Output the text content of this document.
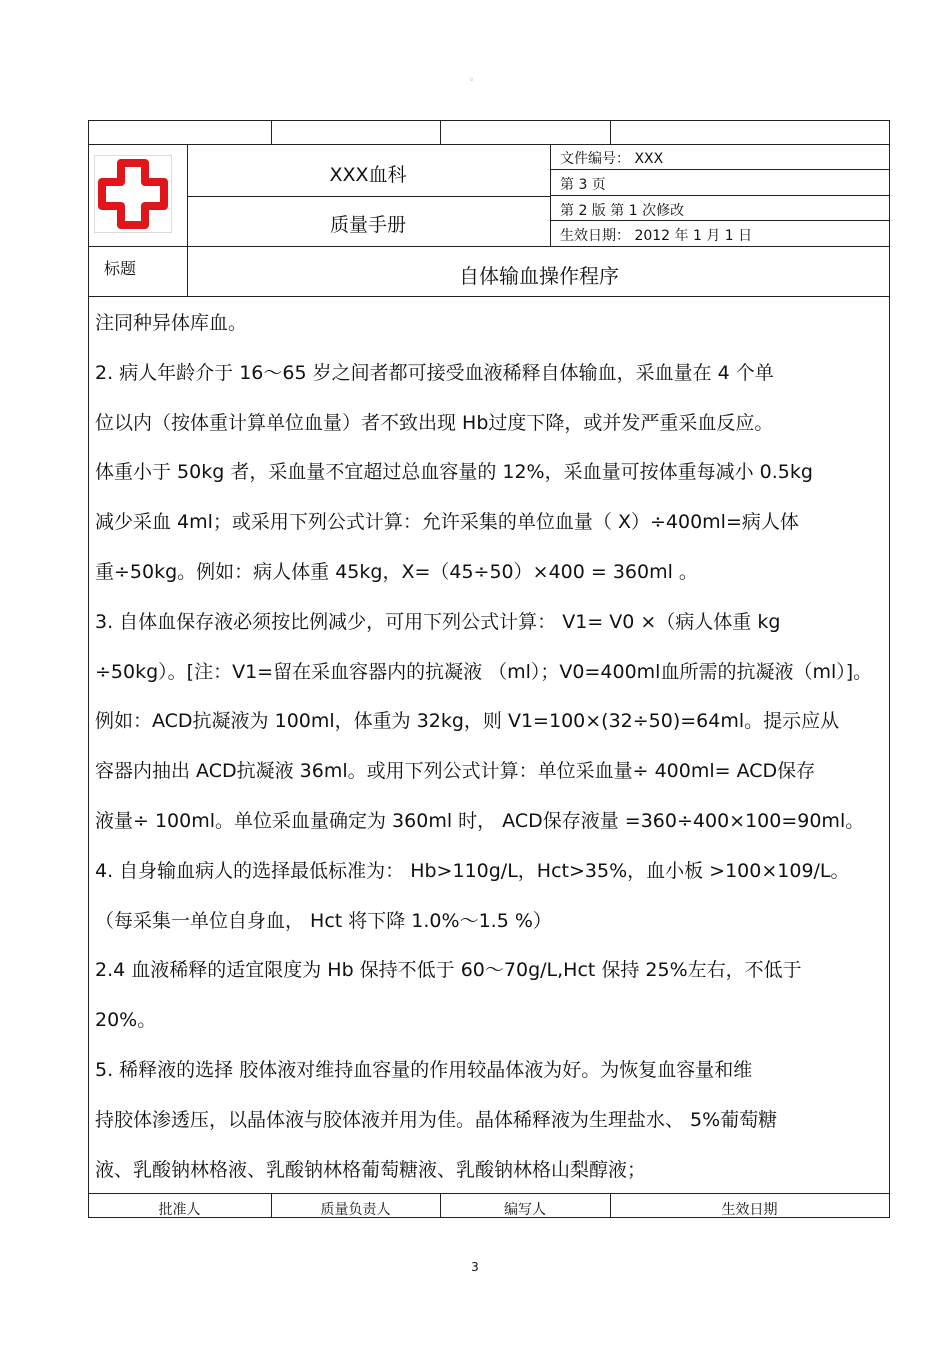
。
XXX血科
质量手册
文件编号： XXX
第 3 页
第 2 版 第 1 次修改
生效日期： 2012 年 1 月 1 日
标题	自体输血操作程序
注同种异体库血。
2. 病人年龄介于 16～65 岁之间者都可接受血液稀释自体输血，采血量在 4 个单
位以内（按体重计算单位血量）者不致出现 Hb过度下降，或并发严重采血反应。
体重小于 50kg 者，采血量不宜超过总血容量的 12%，采血量可按体重每减小 0.5kg
减少采血 4ml；或采用下列公式计算：允许采集的单位血量（ X）÷400ml=病人体
重÷50kg。例如：病人体重 45kg，X=（45÷50）×400 = 360ml 。
3. 自体血保存液必须按比例减少，可用下列公式计算： V1= V0 ×（病人体重 kg
÷50kg）。[注：V1=留在采血容器内的抗凝液 （ml）；V0=400ml血所需的抗凝液（ml）]。
例如：ACD抗凝液为 100ml，体重为 32kg，则 V1=100×(32÷50)=64ml。提示应从
容器内抽出 ACD抗凝液 36ml。或用下列公式计算：单位采血量÷ 400ml= ACD保存
液量÷ 100ml。单位采血量确定为 360ml 时， ACD保存液量 =360÷400×100=90ml。
4. 自身输血病人的选择最低标准为： Hb>110g/L，Hct>35%，血小板 >100×109/L。
（每采集一单位自身血， Hct 将下降 1.0%～1.5 %）
2.4 血液稀释的适宜限度为 Hb 保持不低于 60～70g/L,Hct 保持 25%左右，不低于
20%。
5. 稀释液的选择 胶体液对维持血容量的作用较晶体液为好。为恢复血容量和维
持胶体渗透压，以晶体液与胶体液并用为佳。晶体稀释液为生理盐水、 5%葡萄糖
液、乳酸钠林格液、乳酸钠林格葡萄糖液、乳酸钠林格山梨醇液；
批准人	质量负责人	编写人	生效日期
3
